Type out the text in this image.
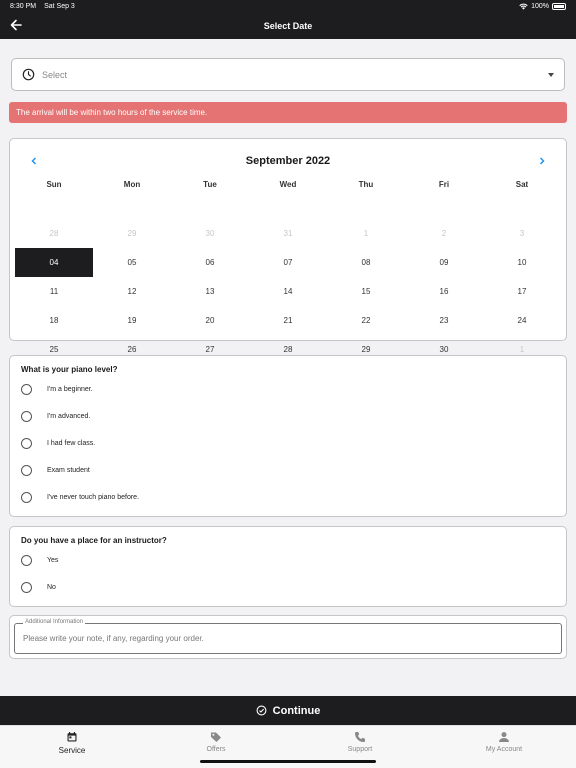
8:30 PM Sat Sep 3	100%
Select Date
Select
The arrival will be within two hours of the service time.
September 2022
Sun	Mon	Tue	Wed	Thu	Fri	Sat
28	29	30	31	1	2	3
04	05	06	07	08	09	10
11	12	13	14	15	16	17
18	19	20	21	22	23	24
25	26	27	28	29	30	1
What is your piano level?
I'm a beginner.
I'm advanced.
I had few class.
Exam student
I've never touch piano before.
Do you have a place for an instructor?
Yes
No
Additional Information
Please write your note, if any, regarding your order.
Continue
Service	Offers	Support	My Account
